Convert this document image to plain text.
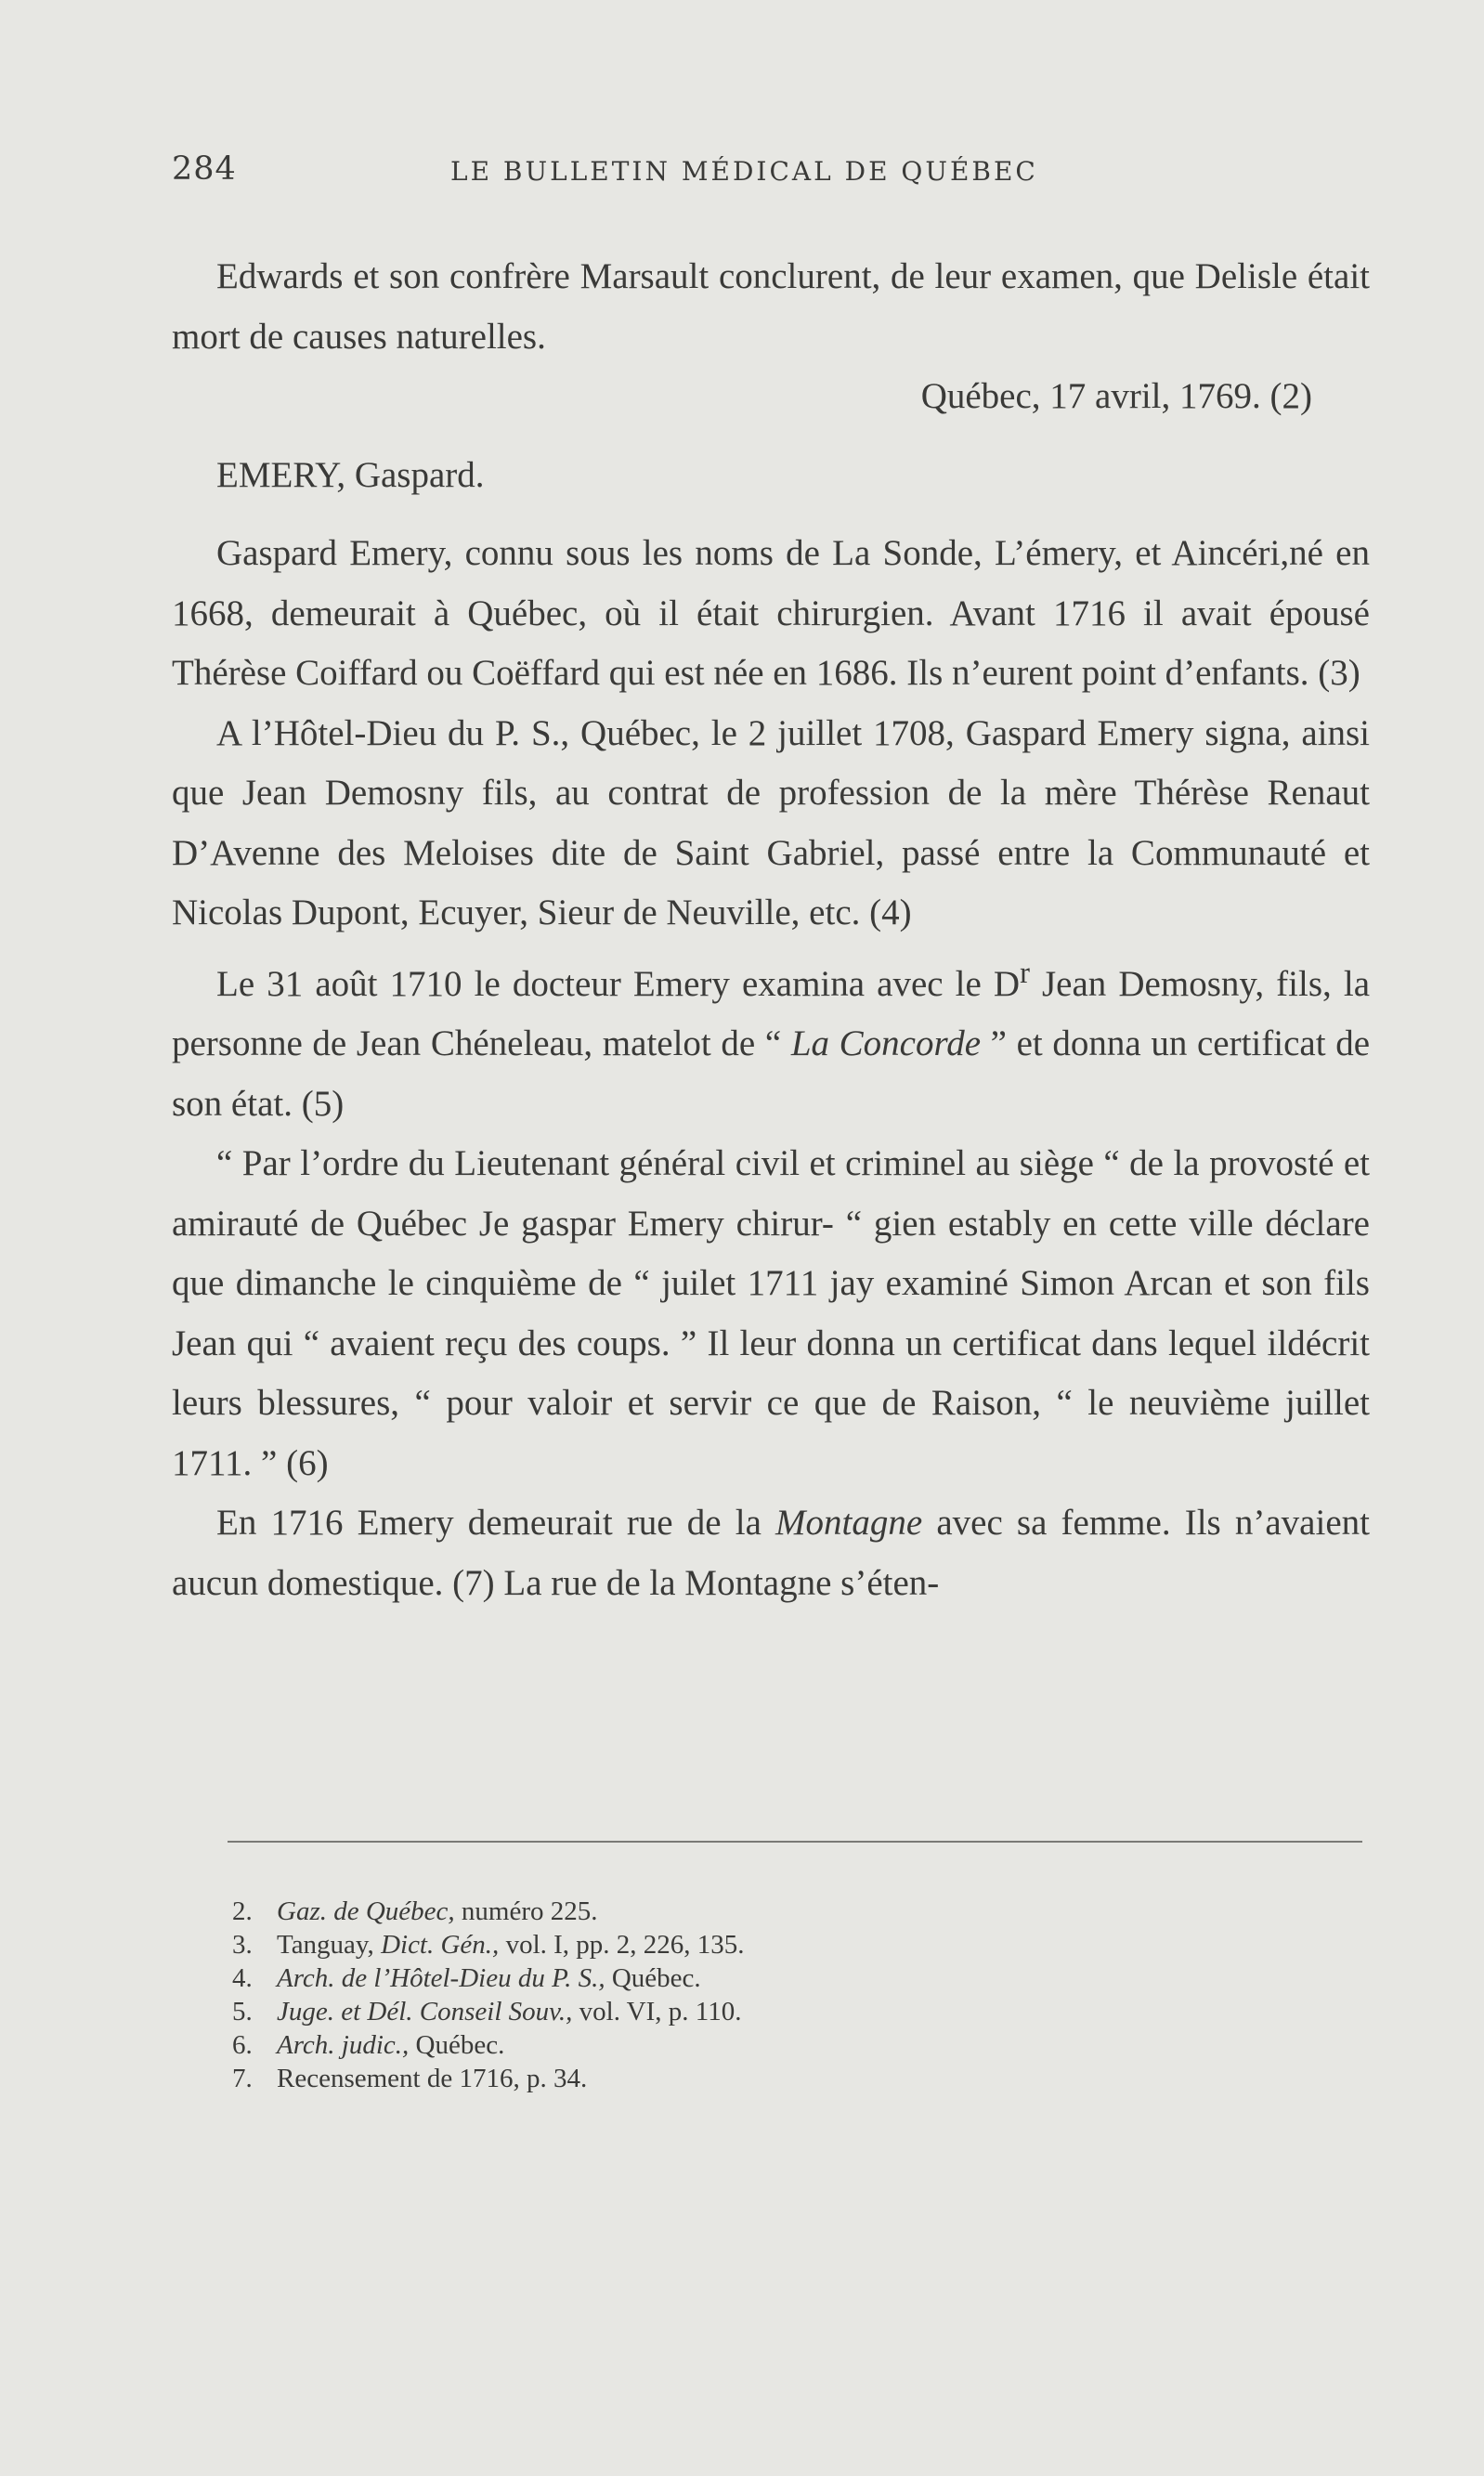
284	LE BULLETIN MÉDICAL DE QUÉBEC

Edwards et son confrère Marsault conclurent, de leur examen, que Delisle était mort de causes naturelles.

Québec, 17 avril, 1769. (2)

EMERY, Gaspard.

Gaspard Emery, connu sous les noms de La Sonde, L’émery, et Aincéri,né en 1668, demeurait à Québec, où il était chirurgien. Avant 1716 il avait épousé Thérèse Coiffard ou Coëffard qui est née en 1686. Ils n’eurent point d’enfants. (3)

A l’Hôtel-Dieu du P. S., Québec, le 2 juillet 1708, Gaspard Emery signa, ainsi que Jean Demosny fils, au contrat de profession de la mère Thérèse Renaut D’Avenne des Meloises dite de Saint Gabriel, passé entre la Communauté et Nicolas Dupont, Ecuyer, Sieur de Neuville, etc. (4)

Le 31 août 1710 le docteur Emery examina avec le $D^r$ Jean Demosny, fils, la personne de Jean Chéneleau, matelot de “ La Concorde ” et donna un certificat de son état. (5)

“ Par l’ordre du Lieutenant général civil et criminel au siège “ de la provosté et amirauté de Québec Je gaspar Emery chirur- “ gien estably en cette ville déclare que dimanche le cinquième de “ juilet 1711 jay examiné Simon Arcan et son fils Jean qui “ avaient reçu des coups. ” Il leur donna un certificat dans lequel ildécrit leurs blessures, “ pour valoir et servir ce que de Raison, “ le neuvième juillet 1711. ” (6)

En 1716 Emery demeurait rue de la Montagne avec sa femme. Ils n’avaient aucun domestique. (7) La rue de la Montagne s’éten-

2. Gaz. de Québec, numéro 225.
3. Tanguay, Dict. Gén., vol. I, pp. 2, 226, 135.
4. Arch. de l’Hôtel-Dieu du P. S., Québec.
5. Juge. et Dél. Conseil Souv., vol. VI, p. 110.
6. Arch. judic., Québec.
7. Recensement de 1716, p. 34.
